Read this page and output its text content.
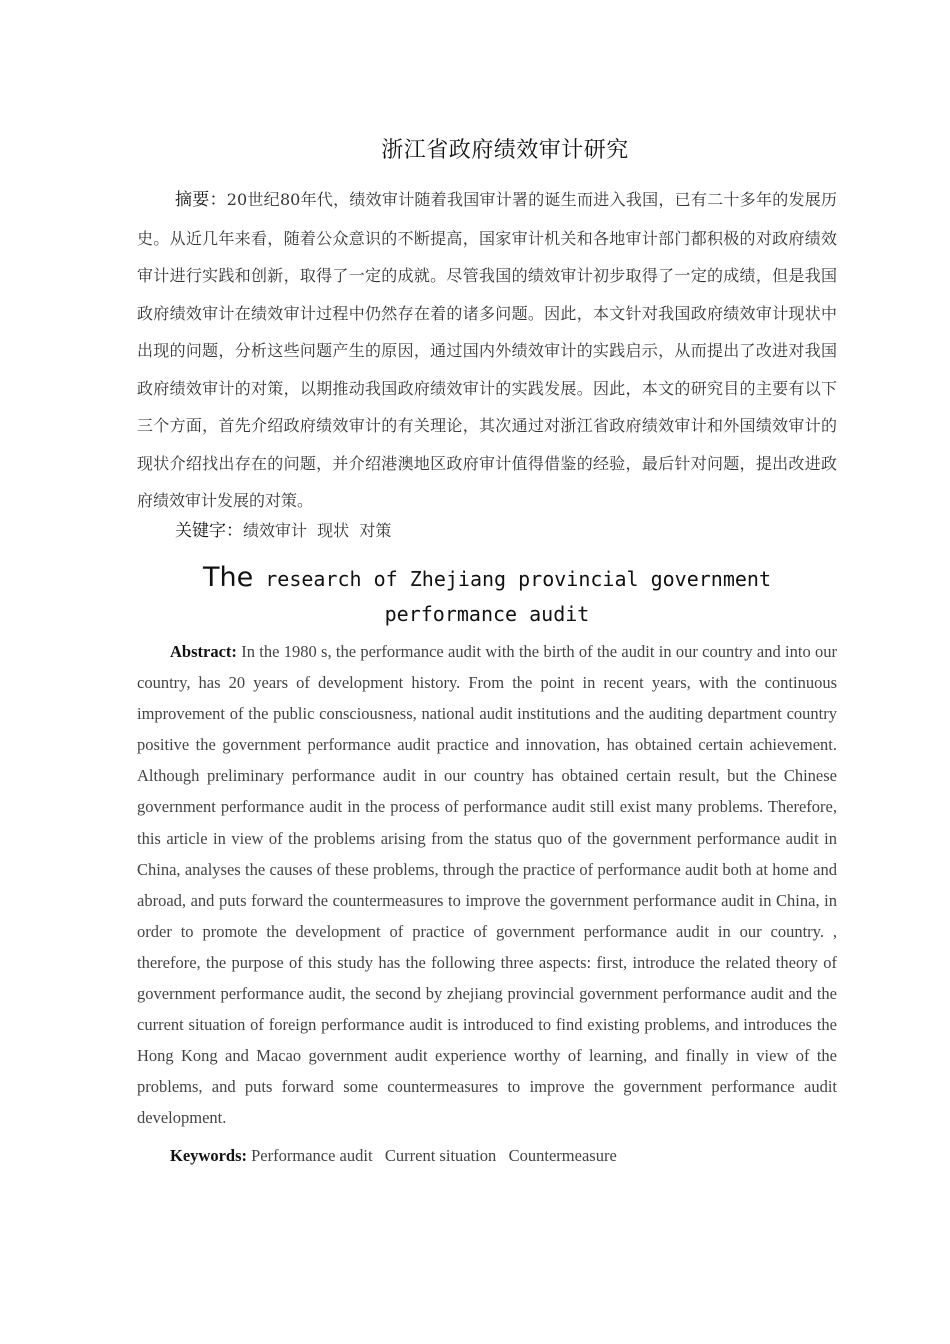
浙江省政府绩效审计研究
摘要：20世纪80年代，绩效审计随着我国审计署的诞生而进入我国，已有二十多年的发展历史。从近几年来看，随着公众意识的不断提高，国家审计机关和各地审计部门都积极的对政府绩效审计进行实践和创新，取得了一定的成就。尽管我国的绩效审计初步取得了一定的成绩，但是我国政府绩效审计在绩效审计过程中仍然存在着的诸多问题。因此，本文针对我国政府绩效审计现状中出现的问题，分析这些问题产生的原因，通过国内外绩效审计的实践启示，从而提出了改进对我国政府绩效审计的对策，以期推动我国政府绩效审计的实践发展。因此，本文的研究目的主要有以下三个方面，首先介绍政府绩效审计的有关理论，其次通过对浙江省政府绩效审计和外国绩效审计的现状介绍找出存在的问题，并介绍港澳地区政府审计值得借鉴的经验，最后针对问题，提出改进政府绩效审计发展的对策。
关键字：绩效审计  现状  对策
The research of Zhejiang provincial government performance audit
Abstract: In the 1980 s, the performance audit with the birth of the audit in our country and into our country, has 20 years of development history. From the point in recent years, with the continuous improvement of the public consciousness, national audit institutions and the auditing department country positive the government performance audit practice and innovation, has obtained certain achievement. Although preliminary performance audit in our country has obtained certain result, but the Chinese government performance audit in the process of performance audit still exist many problems. Therefore, this article in view of the problems arising from the status quo of the government performance audit in China, analyses the causes of these problems, through the practice of performance audit both at home and abroad, and puts forward the countermeasures to improve the government performance audit in China, in order to promote the development of practice of government performance audit in our country. , therefore, the purpose of this study has the following three aspects: first, introduce the related theory of government performance audit, the second by zhejiang provincial government performance audit and the current situation of foreign performance audit is introduced to find existing problems, and introduces the Hong Kong and Macao government audit experience worthy of learning, and finally in view of the problems, and puts forward some countermeasures to improve the government performance audit development.
Keywords: Performance audit   Current situation   Countermeasure
